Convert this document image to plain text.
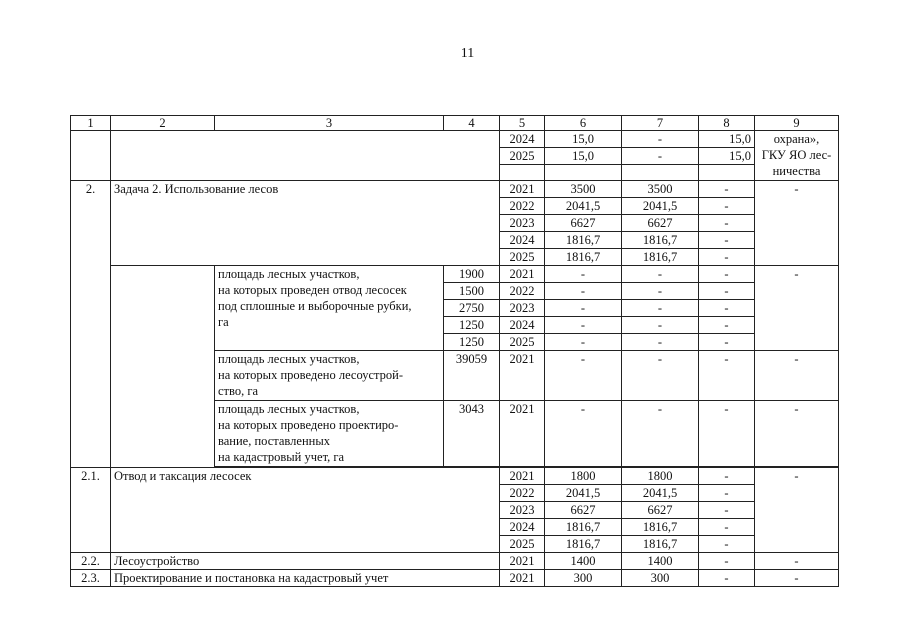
11
1	2	3	4	5	6	7	8	9
				2024	15,0	-	15,0	охрана»,
ГКУ ЯО лес-
ничества
				2025	15,0	-	15,0	

2.	Задача 2. Использование лесов			2021	3500	3500	-	-
				2022	2041,5	2041,5	-	
				2023	6627	6627	-	
				2024	1816,7	1816,7	-	
				2025	1816,7	1816,7	-	
		площадь лесных участков,
на которых проведен отвод лесосек
под сплошные и выборочные рубки,
га	1900	2021	-	-	-	-
			1500	2022	-	-	-	
			2750	2023	-	-	-	
			1250	2024	-	-	-	
			1250	2025	-	-	-	
		площадь лесных участков,
на которых проведено лесоустрой-
ство, га	39059	2021	-	-	-	-
		площадь лесных участков,
на которых проведено проектиро-
вание, поставленных
на кадастровый учет, га	3043	2021	-	-	-	-

2.1.	Отвод и таксация лесосек			2021	1800	1800	-	-
				2022	2041,5	2041,5	-	
				2023	6627	6627	-	
				2024	1816,7	1816,7	-	
				2025	1816,7	1816,7	-	
2.2.	Лесоустройство			2021	1400	1400	-	-
2.3.	Проектирование и постановка на кадастровый учет			2021	300	300	-	-
